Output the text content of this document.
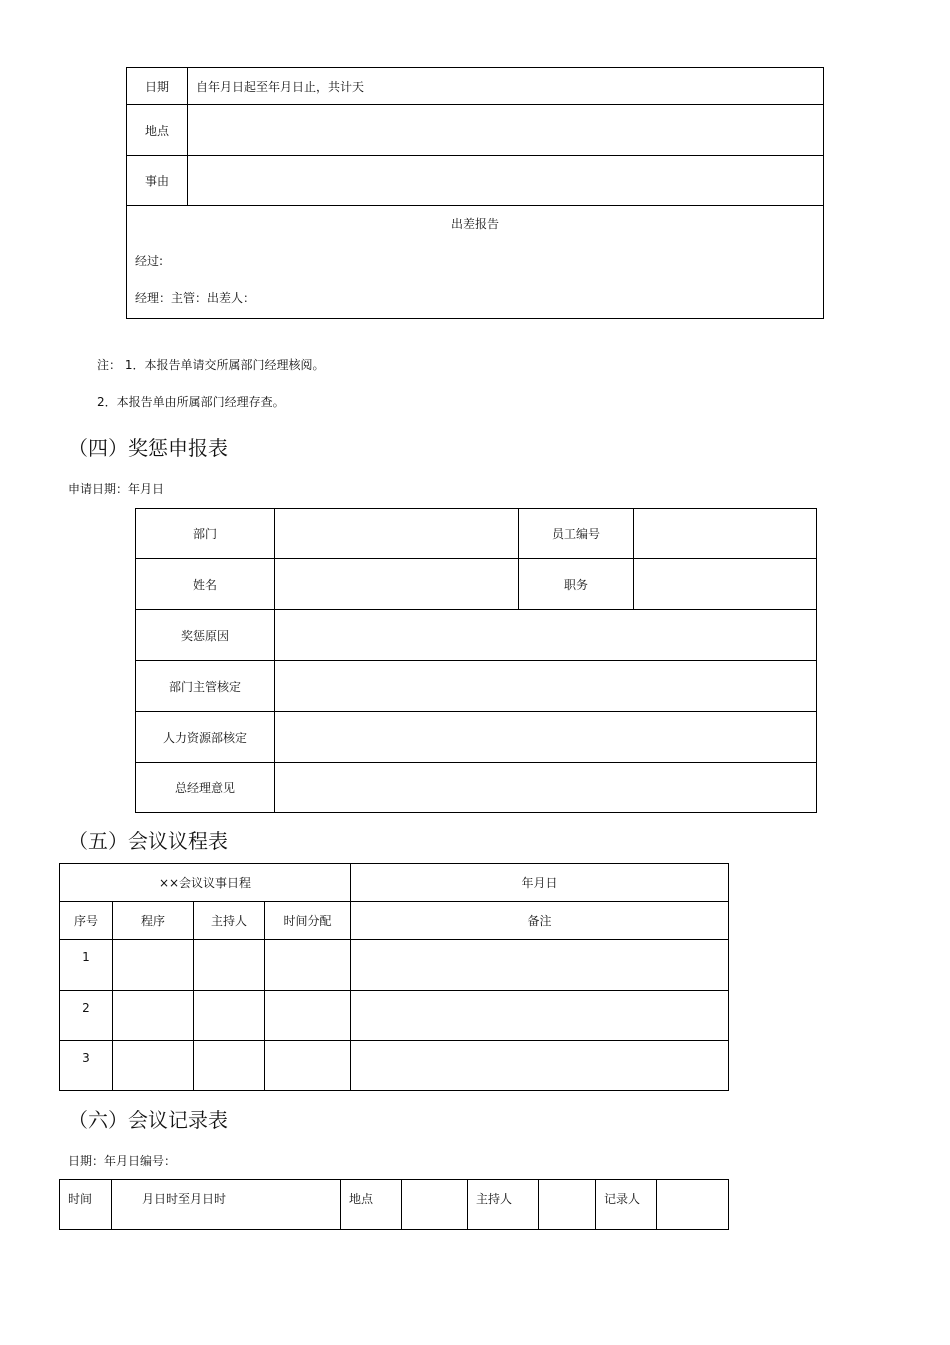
日期	自年月日起至年月日止，共计天
地点	
事由	

出差报告
经过:
经理：主管：出差人：	
注： 1．本报告单请交所属部门经理核阅。
2．本报告单由所属部门经理存查。
（四）奖惩申报表
申请日期：年月日
部门		员工编号	
姓名		职务	
奖惩原因			
部门主管核定			
人力资源部核定			
总经理意见			
（五）会议议程表
××会议议事日程				年月日
序号	程序	主持人	时间分配	备注
1				
2				
3				
（六）会议记录表
日期：年月日编号：
时间	月日时至月日时	地点		主持人		记录人	
